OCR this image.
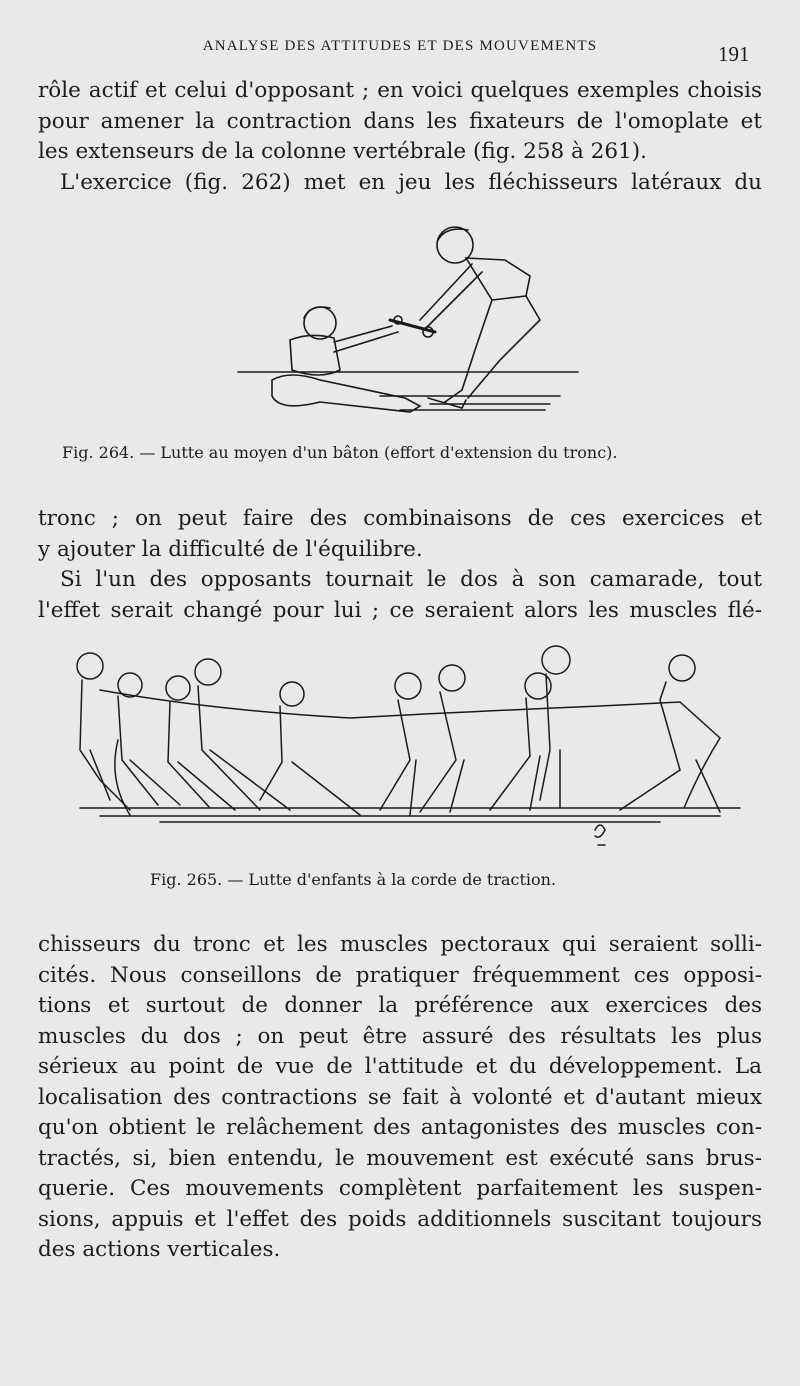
ANALYSE DES ATTITUDES ET DES MOUVEMENTS	191
rôle actif et celui d'opposant ; en voici quelques exemples choisis
pour amener la contraction dans les fixateurs de l'omoplate et
les extenseurs de la colonne vertébrale (fig. 258 à 261).
L'exercice (fig. 262) met en jeu les fléchisseurs latéraux du
Fig. 264. — Lutte au moyen d'un bâton (effort d'extension du tronc).
tronc ; on peut faire des combinaisons de ces exercices et
y ajouter la difficulté de l'équilibre.
Si l'un des opposants tournait le dos à son camarade, tout
l'effet serait changé pour lui ; ce seraient alors les muscles flé-
Fig. 265. — Lutte d'enfants à la corde de traction.
chisseurs du tronc et les muscles pectoraux qui seraient solli-
cités. Nous conseillons de pratiquer fréquemment ces opposi-
tions et surtout de donner la préférence aux exercices des
muscles du dos ; on peut être assuré des résultats les plus
sérieux au point de vue de l'attitude et du développement. La
localisation des contractions se fait à volonté et d'autant mieux
qu'on obtient le relâchement des antagonistes des muscles con-
tractés, si, bien entendu, le mouvement est exécuté sans brus-
querie. Ces mouvements complètent parfaitement les suspen-
sions, appuis et l'effet des poids additionnels suscitant toujours
des actions verticales.
